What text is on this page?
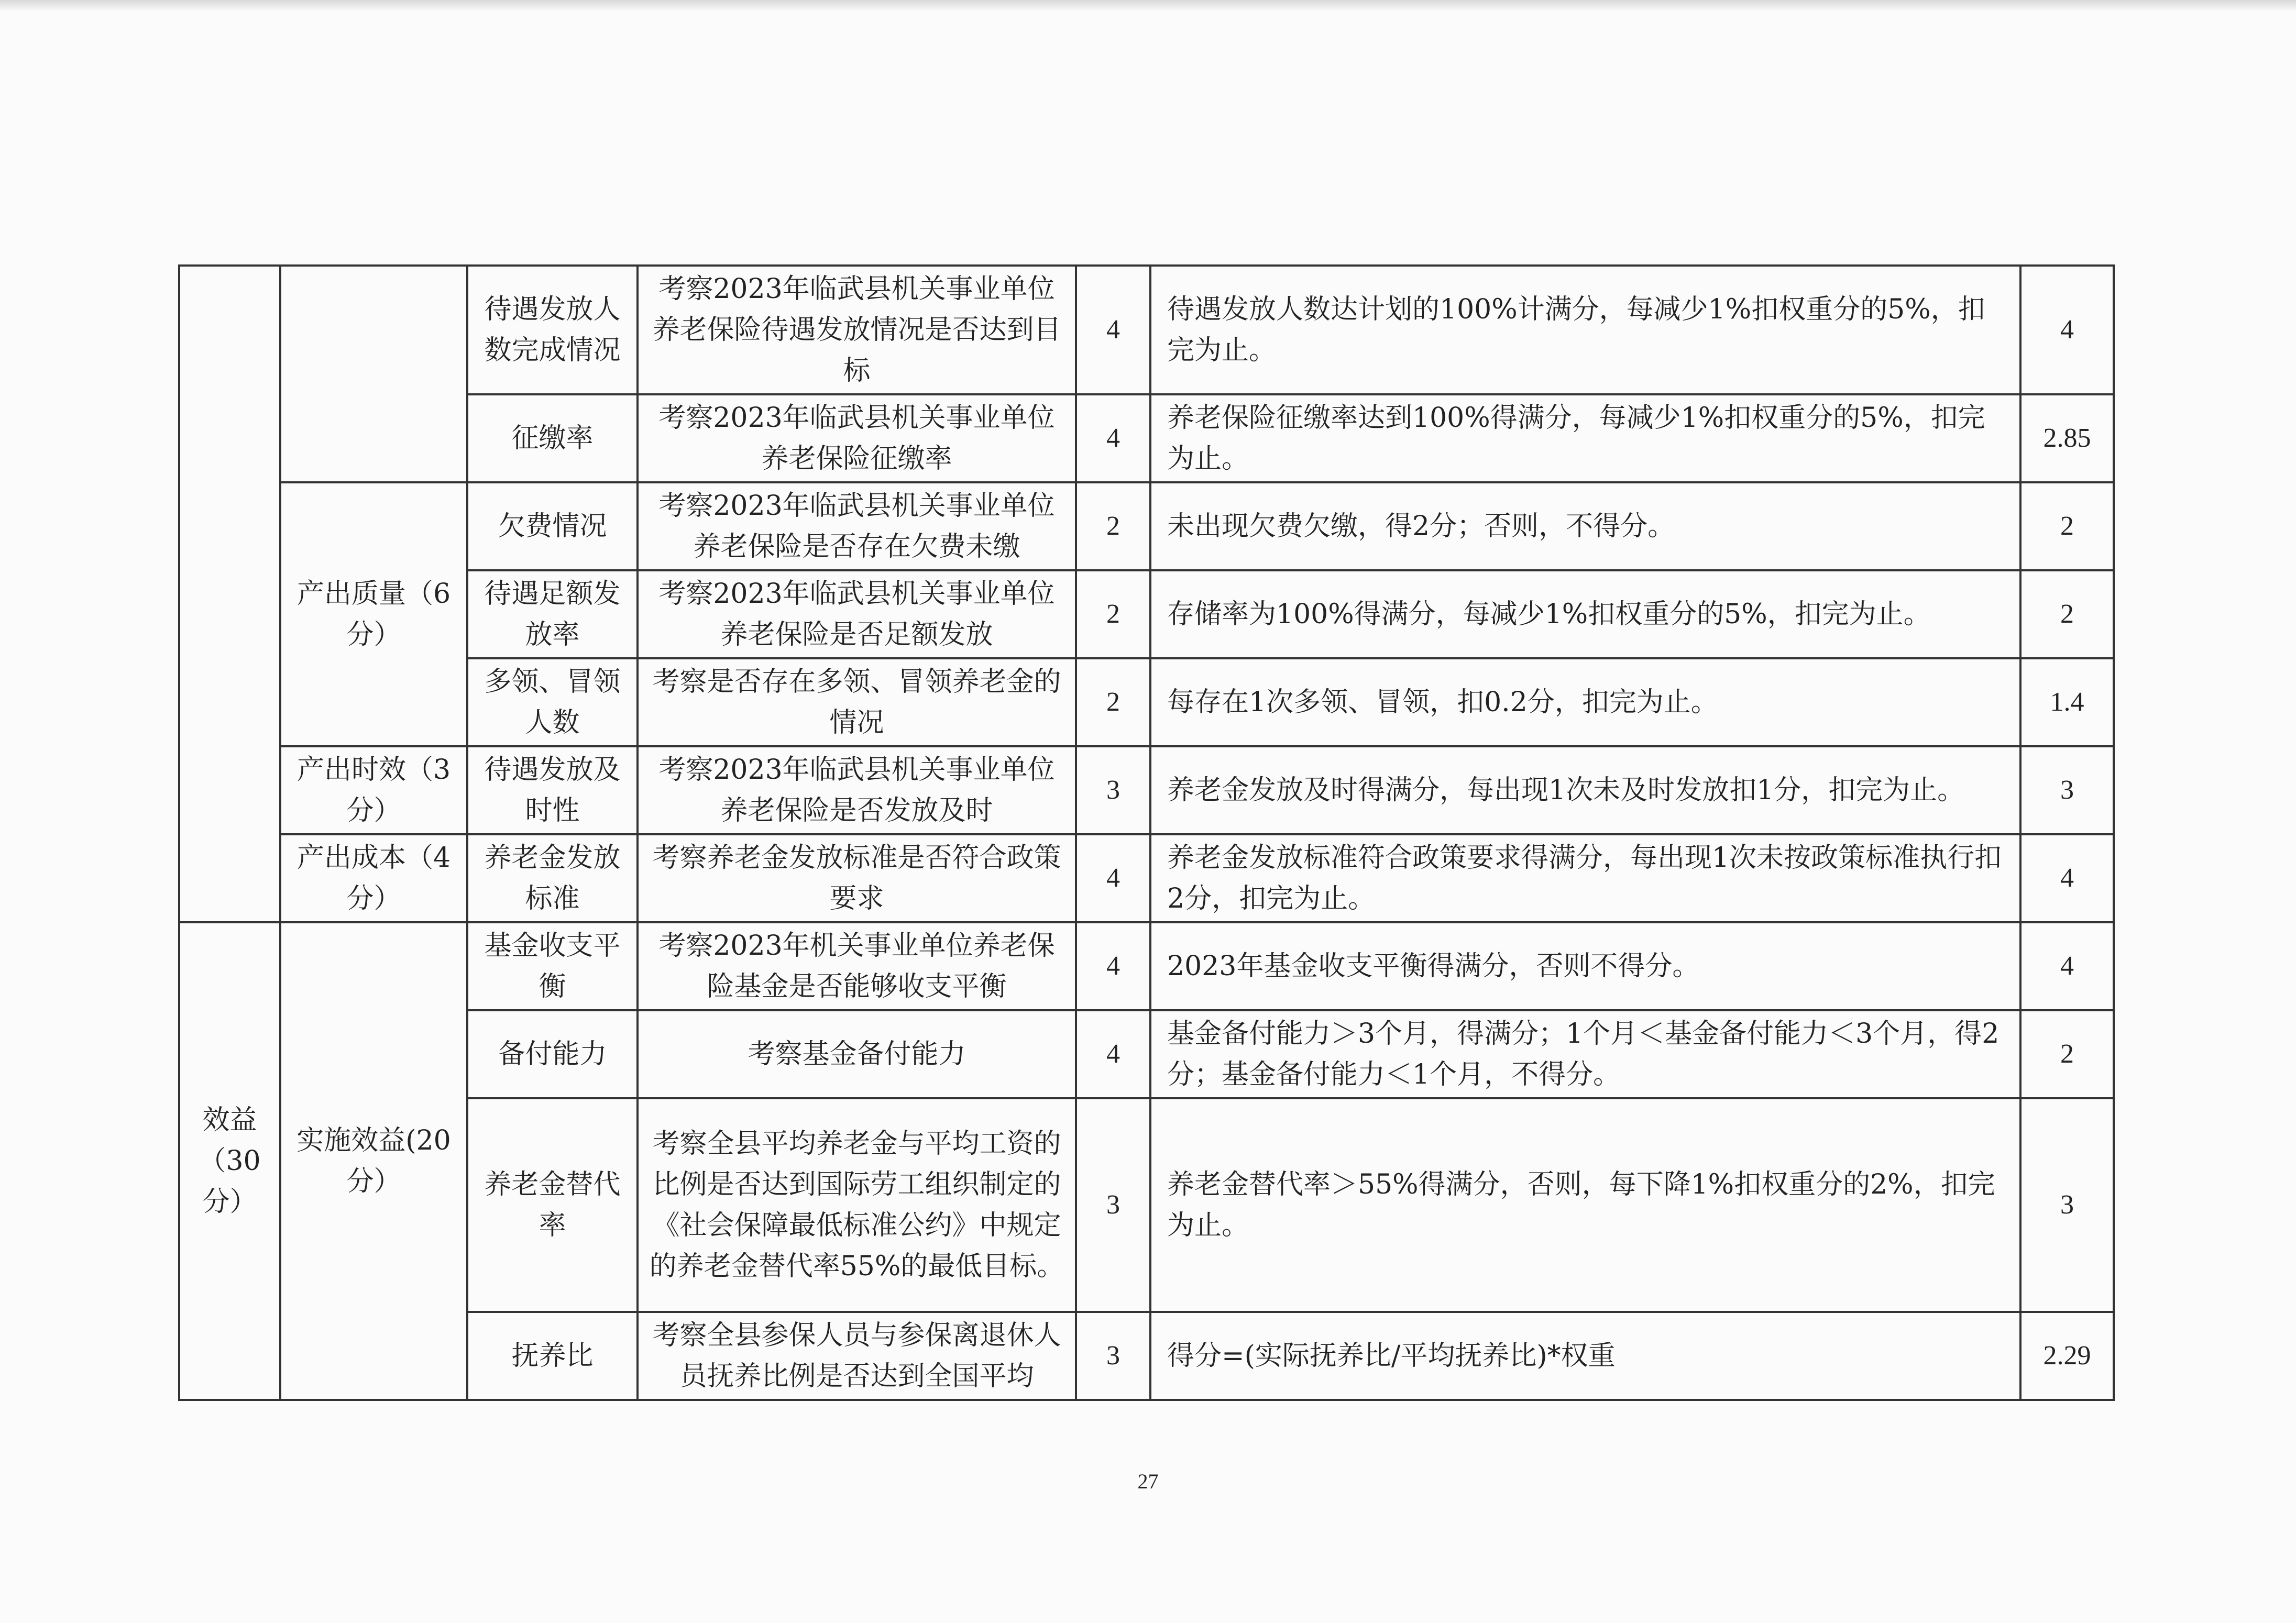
		待遇发放人数完成情况	考察2023年临武县机关事业单位养老保险待遇发放情况是否达到目标	4	待遇发放人数达计划的100%计满分，每减少1%扣权重分的5%，扣完为止。	4
		征缴率	考察2023年临武县机关事业单位养老保险征缴率	4	养老保险征缴率达到100%得满分，每减少1%扣权重分的5%，扣完为止。	2.85
	产出质量（6分）	欠费情况	考察2023年临武县机关事业单位养老保险是否存在欠费未缴	2	未出现欠费欠缴，得2分；否则，不得分。	2
		待遇足额发放率	考察2023年临武县机关事业单位养老保险是否足额发放	2	存储率为100%得满分，每减少1%扣权重分的5%，扣完为止。	2
		多领、冒领人数	考察是否存在多领、冒领养老金的情况	2	每存在1次多领、冒领，扣0.2分，扣完为止。	1.4
	产出时效（3分）	待遇发放及时性	考察2023年临武县机关事业单位养老保险是否发放及时	3	养老金发放及时得满分，每出现1次未及时发放扣1分，扣完为止。	3
	产出成本（4分）	养老金发放标准	考察养老金发放标准是否符合政策要求	4	养老金发放标准符合政策要求得满分，每出现1次未按政策标准执行扣2分，扣完为止。	4
效益（30分）	实施效益(20分）	基金收支平衡	考察2023年机关事业单位养老保险基金是否能够收支平衡	4	2023年基金收支平衡得满分，否则不得分。	4
		备付能力	考察基金备付能力	4	基金备付能力＞3个月，得满分；1个月＜基金备付能力＜3个月，得2分；基金备付能力＜1个月，不得分。	2
		养老金替代率	考察全县平均养老金与平均工资的比例是否达到国际劳工组织制定的《社会保障最低标准公约》中规定的养老金替代率55%的最低目标。	3	养老金替代率＞55%得满分，否则，每下降1%扣权重分的2%，扣完为止。	3
		抚养比	考察全县参保人员与参保离退休人员抚养比例是否达到全国平均	3	得分=(实际抚养比/平均抚养比)*权重	2.29
27
